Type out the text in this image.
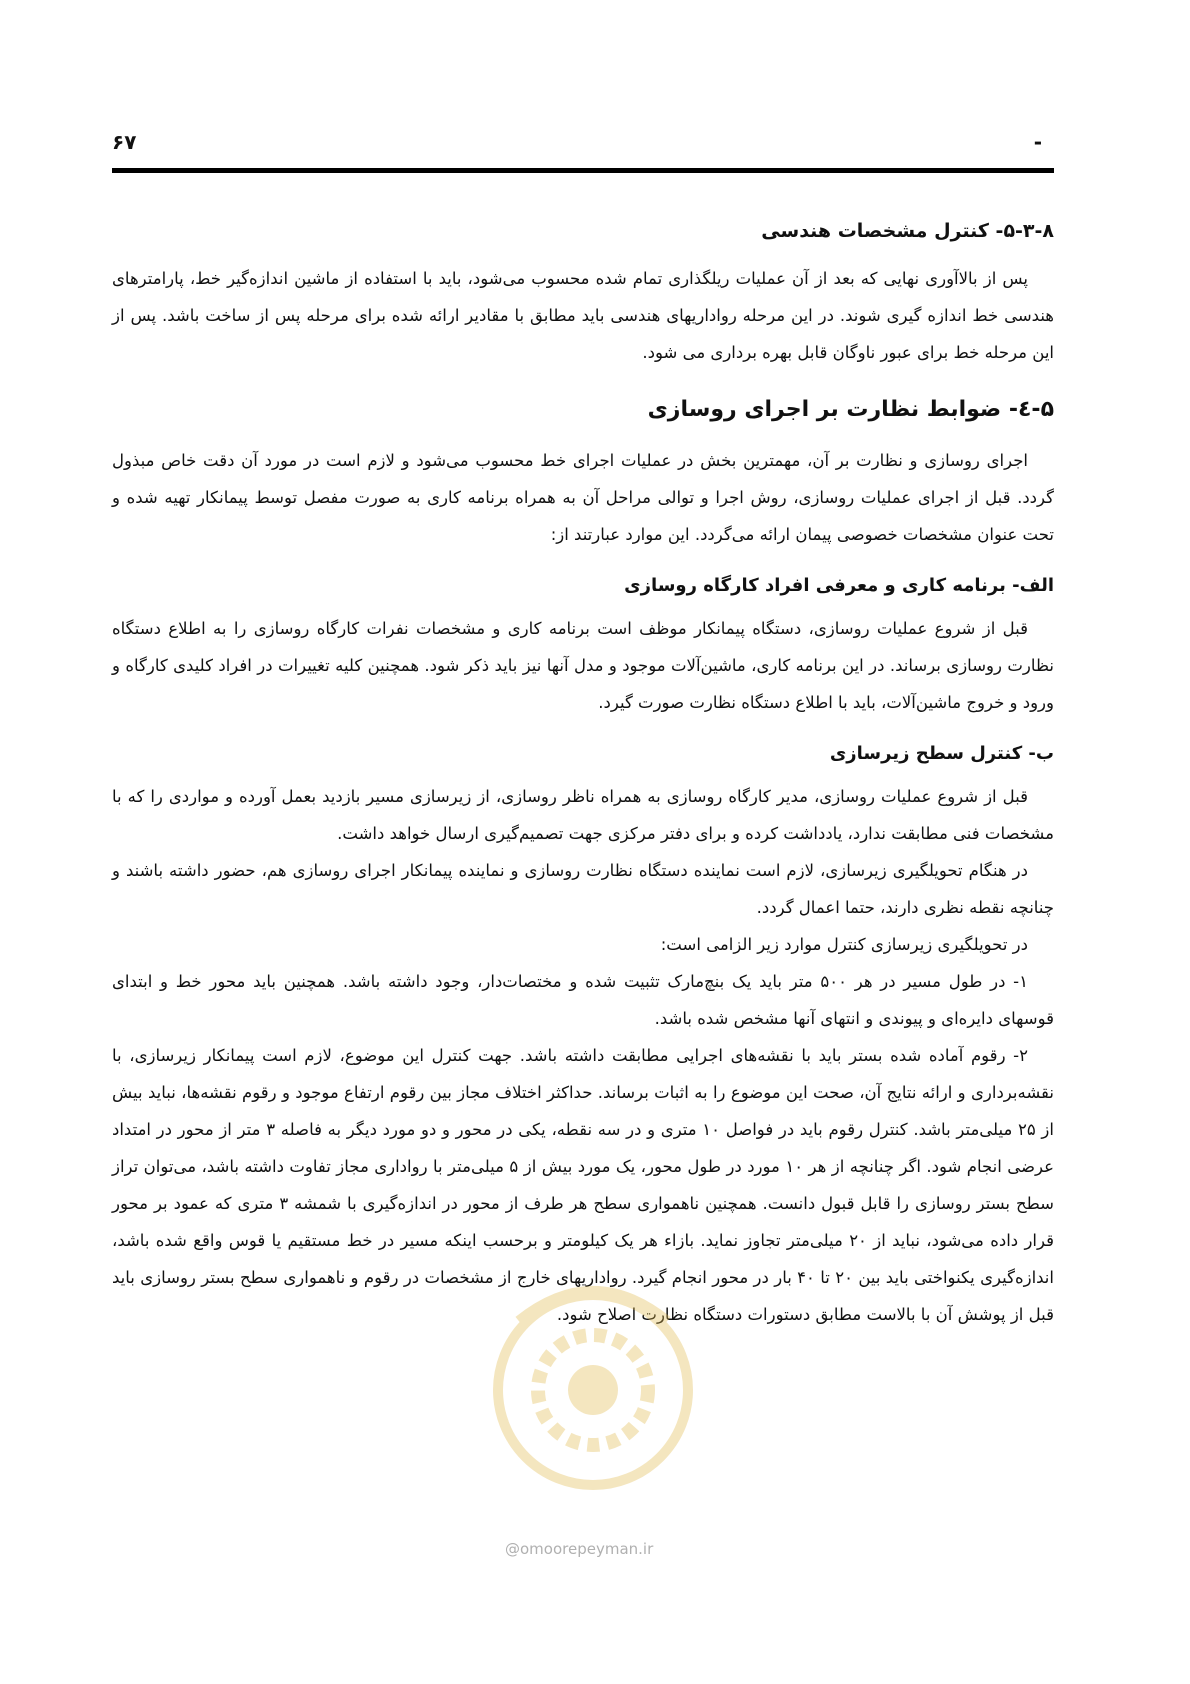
۶۷	-
۵-۳-۸- کنترل مشخصات هندسی

پس از بالاآوری نهایی که بعد از آن عملیات ریلگذاری تمام شده محسوب می‌شود، باید با استفاده از ماشین اندازه‌گیر خط، پارامترهای هندسی خط اندازه گیری شوند. در این مرحله رواداریهای هندسی باید مطابق با مقادیر ارائه شده برای مرحله پس از ساخت باشد. پس از این مرحله خط برای عبور ناوگان قابل بهره برداری می شود.

۵-٤- ضوابط نظارت بر اجرای روسازی

اجرای روسازی و نظارت بر آن، مهمترین بخش در عملیات اجرای خط محسوب می‌شود و لازم است در مورد آن دقت خاص مبذول گردد. قبل از اجرای عملیات روسازی، روش اجرا و توالی مراحل آن به همراه برنامه کاری به صورت مفصل توسط پیمانکار تهیه شده و تحت عنوان مشخصات خصوصی پیمان ارائه می‌گردد. این موارد عبارتند از:

الف- برنامه کاری و معرفی افراد کارگاه روسازی

قبل از شروع عملیات روسازی، دستگاه پیمانکار موظف است برنامه کاری و مشخصات نفرات کارگاه روسازی را به اطلاع دستگاه نظارت روسازی برساند. در این برنامه کاری، ماشین‌آلات موجود و مدل آنها نیز باید ذکر شود. همچنین کلیه تغییرات در افراد کلیدی کارگاه و ورود و خروج ماشین‌آلات، باید با اطلاع دستگاه نظارت صورت گیرد.

ب- کنترل سطح زیرسازی

قبل از شروع عملیات روسازی، مدیر کارگاه روسازی به همراه ناظر روسازی، از زیرسازی مسیر بازدید بعمل آورده و مواردی را که با مشخصات فنی مطابقت ندارد، یادداشت کرده و برای دفتر مرکزی جهت تصمیم‌گیری ارسال خواهد داشت.

در هنگام تحویلگیری زیرسازی، لازم است نماینده دستگاه نظارت روسازی و نماینده پیمانکار اجرای روسازی هم، حضور داشته باشند و چنانچه نقطه نظری دارند، حتما اعمال گردد.

در تحویلگیری زیرسازی کنترل موارد زیر الزامی است:

۱- در طول مسیر در هر ۵۰۰ متر باید یک بنچ‌مارک تثبیت شده و مختصات‌دار، وجود داشته باشد. همچنین باید محور خط و ابتدای قوسهای دایره‌ای و پیوندی و انتهای آنها مشخص شده باشد.

۲- رقوم آماده شده بستر باید با نقشه‌های اجرایی مطابقت داشته باشد. جهت کنترل این موضوع، لازم است پیمانکار زیرسازی، با نقشه‌برداری و ارائه نتایج آن، صحت این موضوع را به اثبات برساند. حداکثر اختلاف مجاز بین رقوم ارتفاع موجود و رقوم نقشه‌ها، نباید بیش از ۲۵ میلی‌متر باشد. کنترل رقوم باید در فواصل ۱۰ متری و در سه نقطه، یکی در محور و دو مورد دیگر به فاصله ۳ متر از محور در امتداد عرضی انجام شود. اگر چنانچه از هر ۱۰ مورد در طول محور، یک مورد بیش از ۵ میلی‌متر با رواداری مجاز تفاوت داشته باشد، می‌توان تراز سطح بستر روسازی را قابل قبول دانست. همچنین ناهمواری سطح هر طرف از محور در اندازه‌گیری با شمشه ۳ متری که عمود بر محور قرار داده می‌شود، نباید از ۲۰ میلی‌متر تجاوز نماید. بازاء هر یک کیلومتر و برحسب اینکه مسیر در خط مستقیم یا قوس واقع شده باشد، اندازه‌گیری یکنواختی باید بین ۲۰ تا ۴۰ بار در محور انجام گیرد. رواداریهای خارج از مشخصات در رقوم و ناهمواری سطح بستر روسازی باید قبل از پوشش آن با بالاست مطابق دستورات دستگاه نظارت اصلاح شود.

@omoorepeyman.ir
